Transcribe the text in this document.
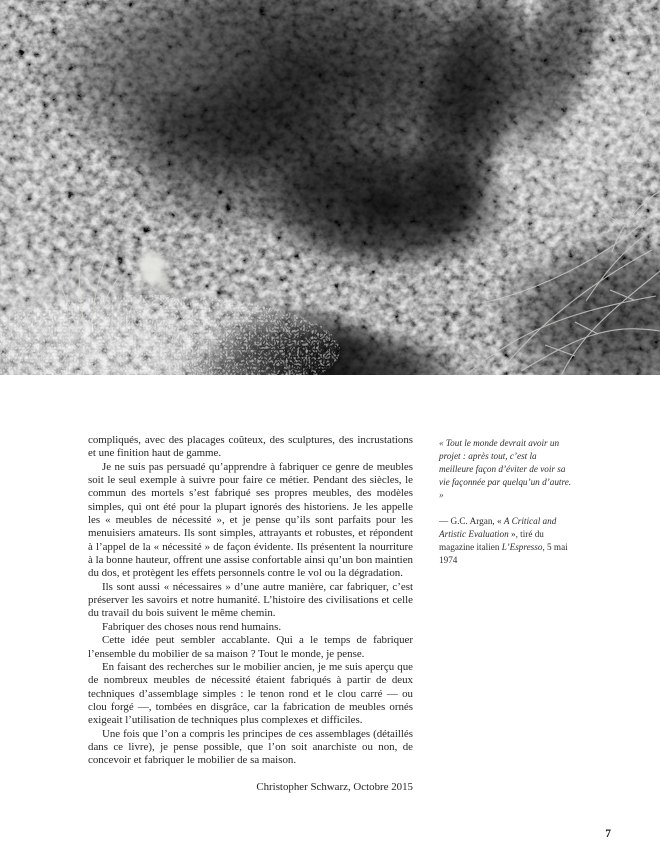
compliqués, avec des placages coûteux, des sculptures, des incrustations et une finition haut de gamme.

Je ne suis pas persuadé qu’apprendre à fabriquer ce genre de meubles soit le seul exemple à suivre pour faire ce métier. Pendant des siècles, le commun des mortels s’est fabriqué ses propres meubles, des modèles simples, qui ont été pour la plupart ignorés des historiens. Je les appelle les « meubles de nécessité », et je pense qu’ils sont parfaits pour les menuisiers amateurs. Ils sont simples, attrayants et robustes, et répondent à l’appel de la « nécessité » de façon évidente. Ils présentent la nourriture à la bonne hauteur, offrent une assise confortable ainsi qu’un bon maintien du dos, et protègent les effets personnels contre le vol ou la dégradation.

Ils sont aussi « nécessaires » d’une autre manière, car fabriquer, c’est préserver les savoirs et notre humanité. L’histoire des civilisations et celle du travail du bois suivent le même chemin.

Fabriquer des choses nous rend humains.

Cette idée peut sembler accablante. Qui a le temps de fabriquer l’ensemble du mobilier de sa maison ? Tout le monde, je pense.

En faisant des recherches sur le mobilier ancien, je me suis aperçu que de nombreux meubles de nécessité étaient fabriqués à partir de deux techniques d’assemblage simples : le tenon rond et le clou carré — ou clou forgé —, tombées en disgrâce, car la fabrication de meubles ornés exigeait l’utilisation de techniques plus complexes et difficiles.

Une fois que l’on a compris les principes de ces assemblages (détaillés dans ce livre), je pense possible, que l’on soit anarchiste ou non, de concevoir et fabriquer le mobilier de sa maison.

Christopher Schwarz, Octobre 2015

« Tout le monde devrait avoir un projet : après tout, c’est la meilleure façon d’éviter de voir sa vie façonnée par quelqu’un d’autre. »

— G.C. Argan, « A Critical and Artistic Evaluation », tiré du magazine italien L’Espresso, 5 mai 1974

7
